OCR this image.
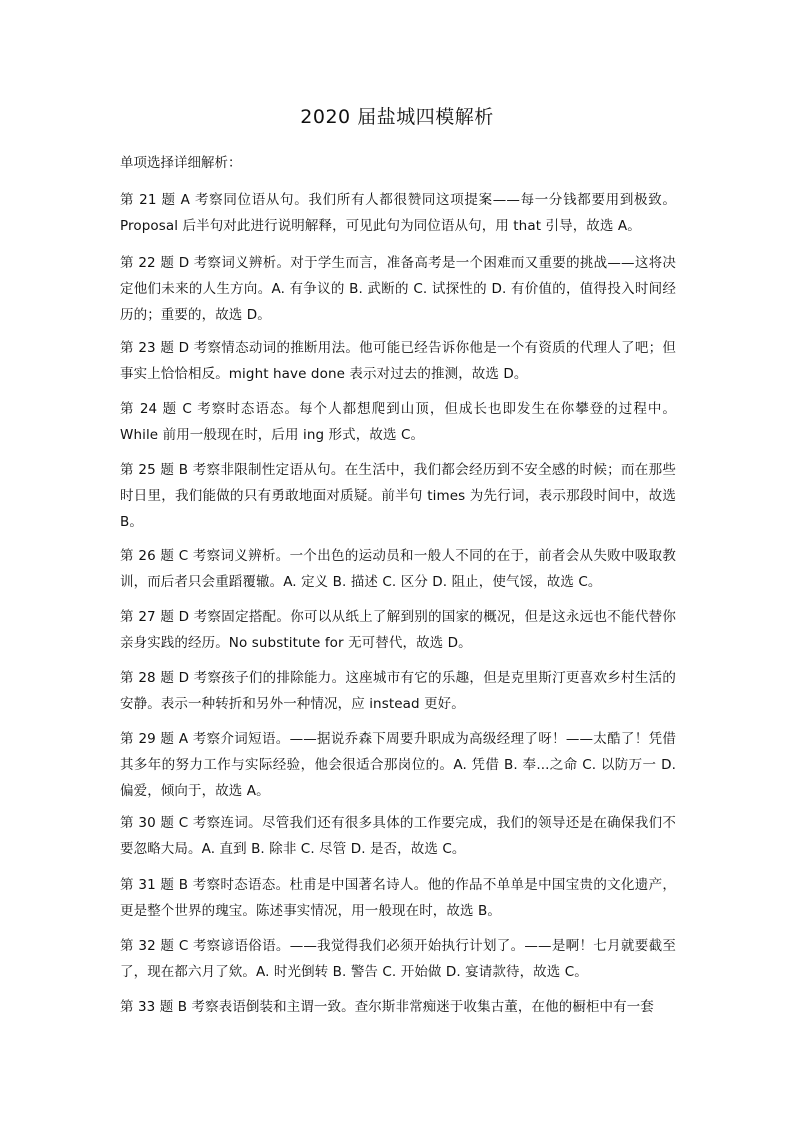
2020 届盐城四模解析
单项选择详细解析：
第 21 题 A 考察同位语从句。我们所有人都很赞同这项提案——每一分钱都要用到极致。Proposal 后半句对此进行说明解释，可见此句为同位语从句，用 that 引导，故选 A。
第 22 题 D 考察词义辨析。对于学生而言，准备高考是一个困难而又重要的挑战——这将决定他们未来的人生方向。A. 有争议的 B. 武断的 C. 试探性的 D. 有价值的，值得投入时间经历的；重要的，故选 D。
第 23 题 D 考察情态动词的推断用法。他可能已经告诉你他是一个有资质的代理人了吧；但事实上恰恰相反。might have done 表示对过去的推测，故选 D。
第 24 题 C 考察时态语态。每个人都想爬到山顶，但成长也即发生在你攀登的过程中。While 前用一般现在时，后用 ing 形式，故选 C。
第 25 题 B 考察非限制性定语从句。在生活中，我们都会经历到不安全感的时候；而在那些时日里，我们能做的只有勇敢地面对质疑。前半句 times 为先行词，表示那段时间中，故选 B。
第 26 题 C 考察词义辨析。一个出色的运动员和一般人不同的在于，前者会从失败中吸取教训，而后者只会重蹈覆辙。A. 定义 B. 描述 C. 区分 D. 阻止，使气馁，故选 C。
第 27 题 D 考察固定搭配。你可以从纸上了解到别的国家的概况，但是这永远也不能代替你亲身实践的经历。No substitute for 无可替代，故选 D。
第 28 题 D 考察孩子们的排除能力。这座城市有它的乐趣，但是克里斯汀更喜欢乡村生活的安静。表示一种转折和另外一种情况，应 instead 更好。
第 29 题 A 考察介词短语。——据说乔森下周要升职成为高级经理了呀！——太酷了！凭借其多年的努力工作与实际经验，他会很适合那岗位的。A. 凭借 B. 奉...之命 C. 以防万一 D. 偏爱，倾向于，故选 A。
第 30 题 C 考察连词。尽管我们还有很多具体的工作要完成，我们的领导还是在确保我们不要忽略大局。A. 直到 B. 除非 C. 尽管 D. 是否，故选 C。
第 31 题 B 考察时态语态。杜甫是中国著名诗人。他的作品不单单是中国宝贵的文化遗产，更是整个世界的瑰宝。陈述事实情况，用一般现在时，故选 B。
第 32 题 C 考察谚语俗语。——我觉得我们必须开始执行计划了。——是啊！七月就要截至了，现在都六月了欸。A. 时光倒转 B. 警告 C. 开始做 D. 宴请款待，故选 C。
第 33 题 B 考察表语倒装和主谓一致。查尔斯非常痴迷于收集古董，在他的橱柜中有一套
